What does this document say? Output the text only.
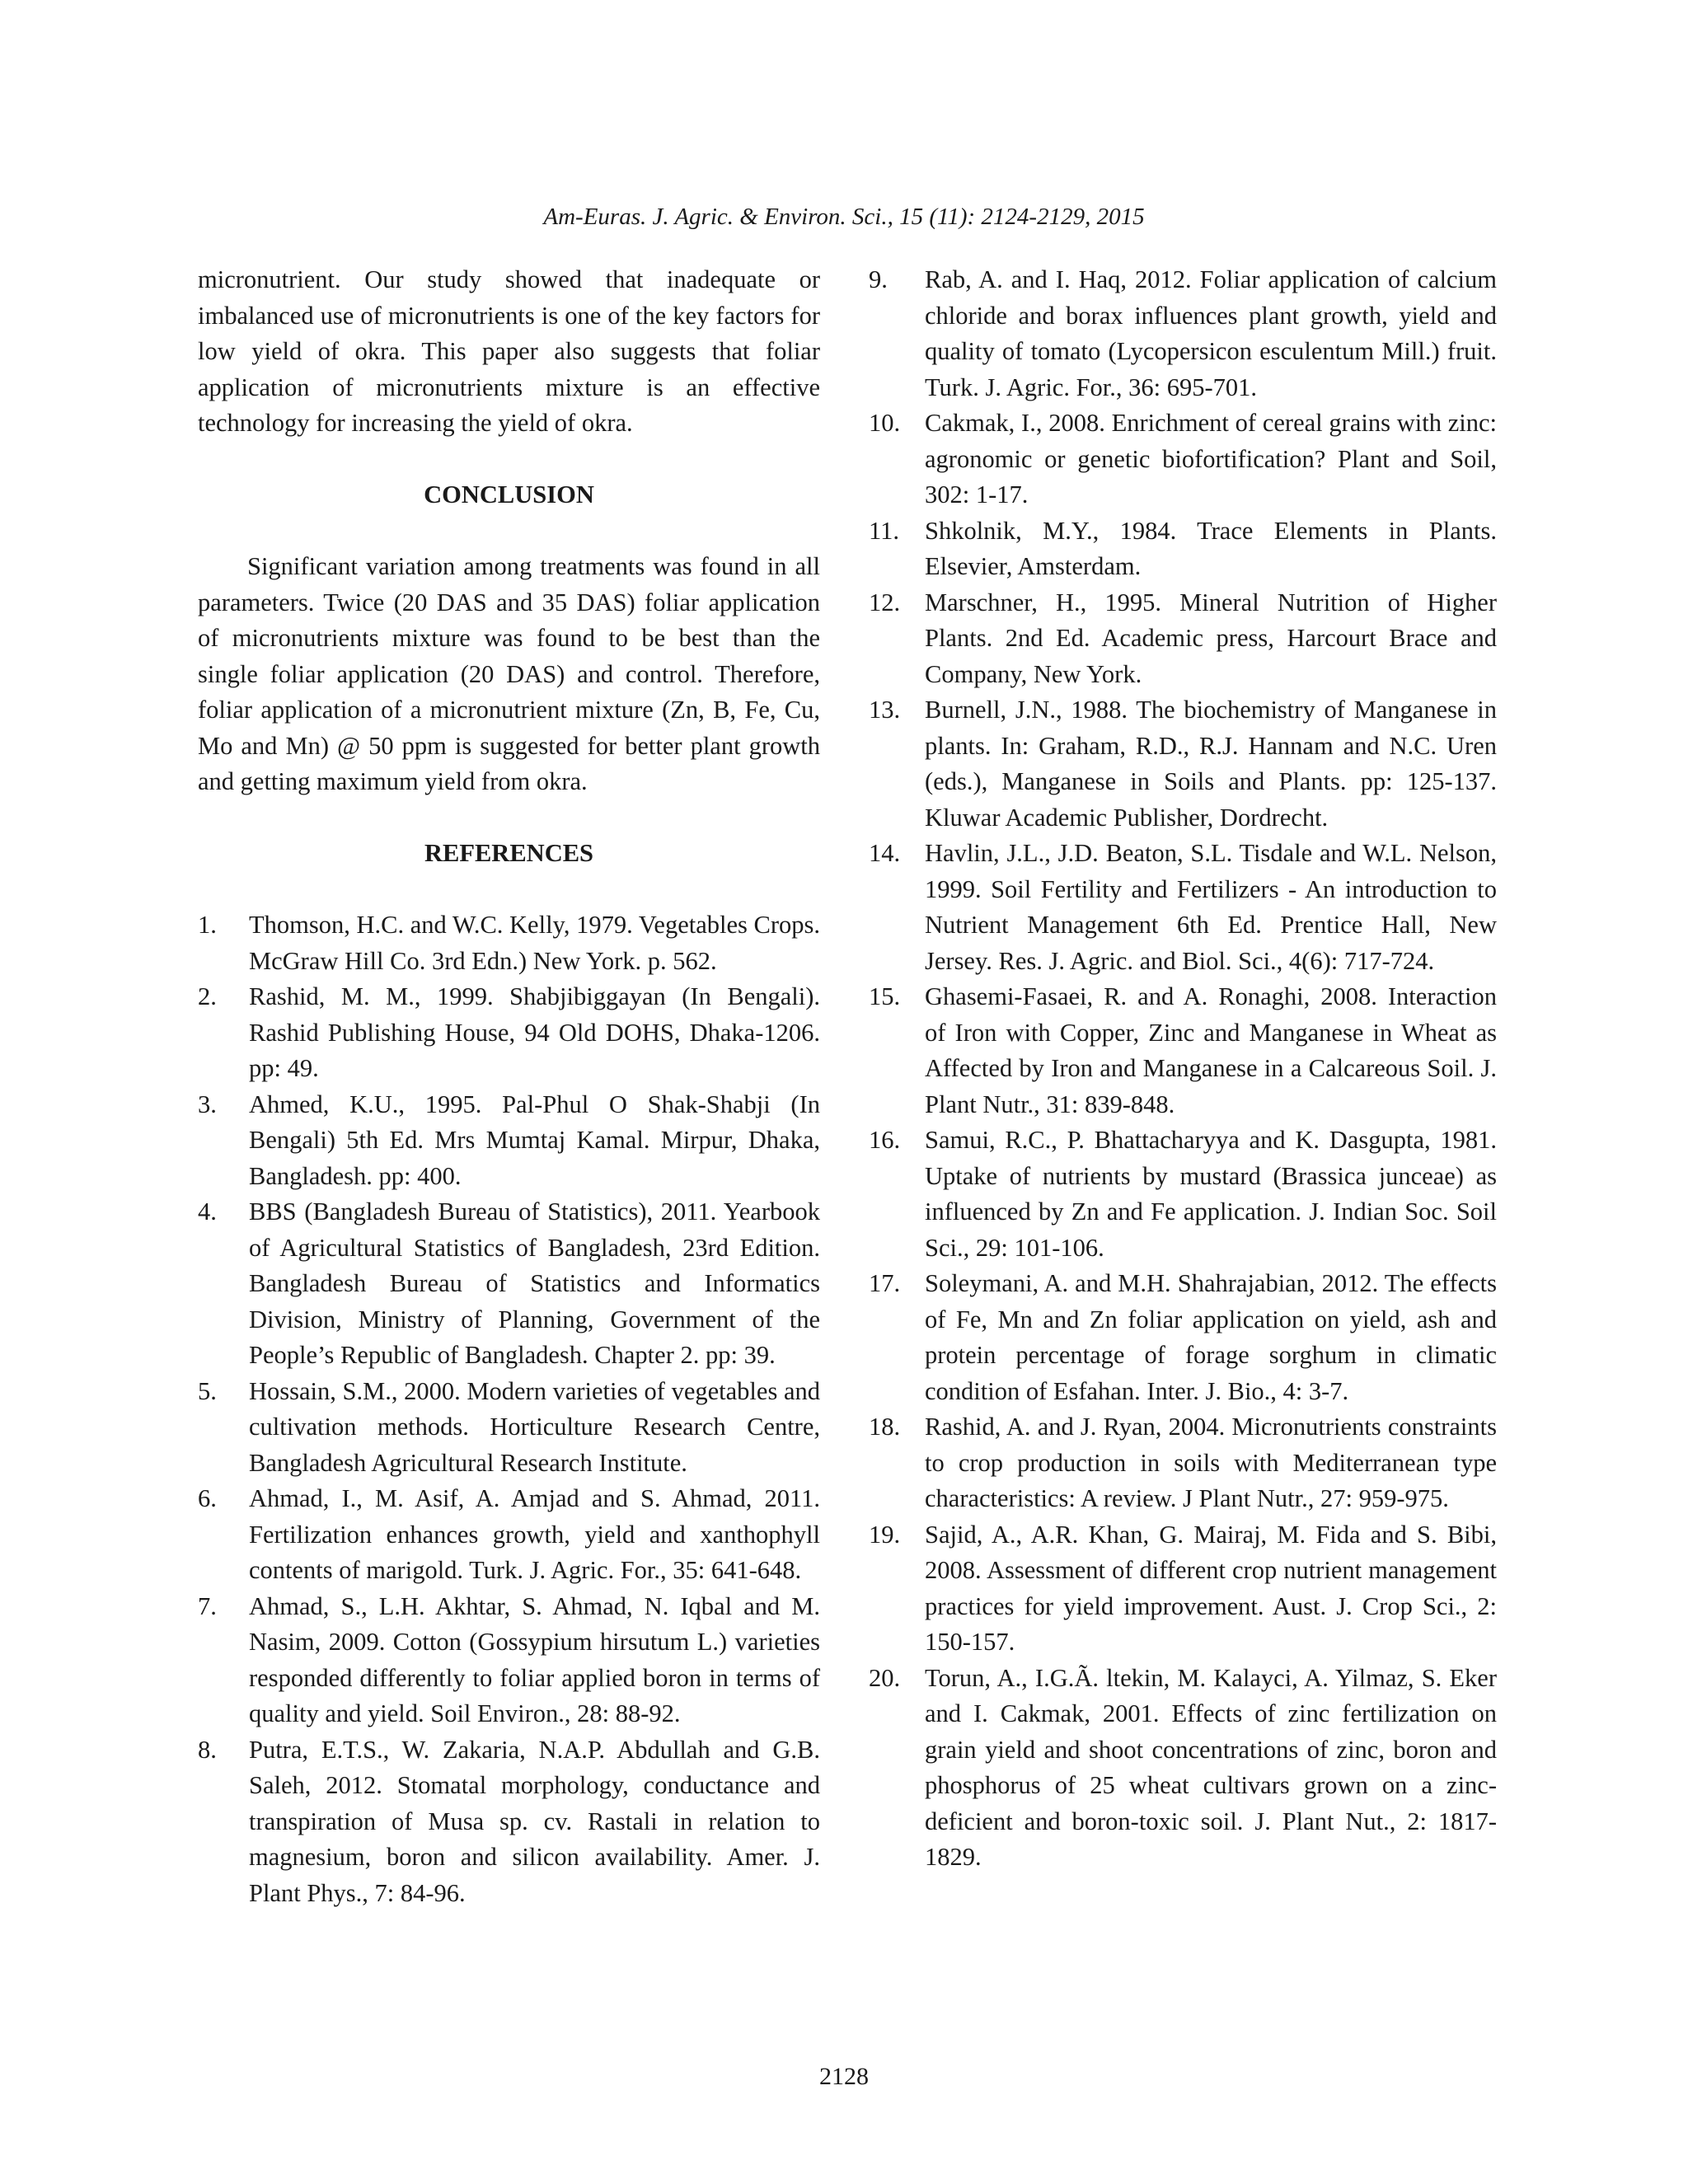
Am-Euras. J. Agric. & Environ. Sci., 15 (11): 2124-2129, 2015

micronutrient. Our study showed that inadequate or imbalanced use of micronutrients is one of the key factors for low yield of okra. This paper also suggests that foliar application of micronutrients mixture is an effective technology for increasing the yield of okra.

CONCLUSION

Significant variation among treatments was found in all parameters. Twice (20 DAS and 35 DAS) foliar application of micronutrients mixture was found to be best than the single foliar application (20 DAS) and control. Therefore, foliar application of a micronutrient mixture (Zn, B, Fe, Cu, Mo and Mn) @ 50 ppm is suggested for better plant growth and getting maximum yield from okra.

REFERENCES
1.	Thomson, H.C. and W.C. Kelly, 1979. Vegetables Crops. McGraw Hill Co. 3rd Edn.) New York. p. 562.
2.	Rashid, M. M., 1999. Shabjibiggayan (In Bengali). Rashid Publishing House, 94 Old DOHS, Dhaka-1206. pp: 49.
3.	Ahmed, K.U., 1995. Pal-Phul O Shak-Shabji (In Bengali) 5th Ed. Mrs Mumtaj Kamal. Mirpur, Dhaka, Bangladesh. pp: 400.
4.	BBS (Bangladesh Bureau of Statistics), 2011. Yearbook of Agricultural Statistics of Bangladesh, 23rd Edition. Bangladesh Bureau of Statistics and Informatics Division, Ministry of Planning, Government of the People’s Republic of Bangladesh. Chapter 2. pp: 39.
5.	Hossain, S.M., 2000. Modern varieties of vegetables and cultivation methods. Horticulture Research Centre, Bangladesh Agricultural Research Institute.
6.	Ahmad, I., M. Asif, A. Amjad and S. Ahmad, 2011. Fertilization enhances growth, yield and xanthophyll contents of marigold. Turk. J. Agric. For., 35: 641-648.
7.	Ahmad, S., L.H. Akhtar, S. Ahmad, N. Iqbal and M. Nasim, 2009. Cotton (Gossypium hirsutum L.) varieties responded differently to foliar applied boron in terms of quality and yield. Soil Environ., 28: 88-92.
8.	Putra, E.T.S., W. Zakaria, N.A.P. Abdullah and G.B. Saleh, 2012. Stomatal morphology, conductance and transpiration of Musa sp. cv. Rastali in relation to magnesium, boron and silicon availability. Amer. J. Plant Phys., 7: 84-96.
9.	Rab, A. and I. Haq, 2012. Foliar application of calcium chloride and borax influences plant growth, yield and quality of tomato (Lycopersicon esculentum Mill.) fruit. Turk. J. Agric. For., 36: 695-701.
10. Cakmak, I., 2008. Enrichment of cereal grains with zinc: agronomic or genetic biofortification? Plant and Soil, 302: 1-17.
11.	Shkolnik, M.Y., 1984. Trace Elements in Plants. Elsevier, Amsterdam.
12. Marschner, H., 1995. Mineral Nutrition of Higher Plants. 2nd Ed. Academic press, Harcourt Brace and Company, New York.
13. Burnell, J.N., 1988. The biochemistry of Manganese in plants. In: Graham, R.D., R.J. Hannam and N.C. Uren (eds.), Manganese in Soils and Plants. pp: 125-137. Kluwar Academic Publisher, Dordrecht.
14. Havlin, J.L., J.D. Beaton, S.L. Tisdale and W.L. Nelson, 1999. Soil Fertility and Fertilizers - An introduction to Nutrient Management 6th Ed. Prentice Hall, New Jersey. Res. J. Agric. and Biol. Sci., 4(6): 717-724.
15. Ghasemi-Fasaei, R. and A. Ronaghi, 2008. Interaction of Iron with Copper, Zinc and Manganese in Wheat as Affected by Iron and Manganese in a Calcareous Soil. J. Plant Nutr., 31: 839-848.
16. Samui, R.C., P. Bhattacharyya and K. Dasgupta, 1981. Uptake of nutrients by mustard (Brassica junceae) as influenced by Zn and Fe application. J. Indian Soc. Soil Sci., 29: 101-106.
17. Soleymani, A. and M.H. Shahrajabian, 2012. The effects of Fe, Mn and Zn foliar application on yield, ash and protein percentage of forage sorghum in climatic condition of Esfahan. Inter. J. Bio., 4: 3-7.
18. Rashid, A. and J. Ryan, 2004. Micronutrients constraints to crop production in soils with Mediterranean type characteristics: A review. J Plant Nutr., 27: 959-975.
19. Sajid, A., A.R. Khan, G. Mairaj, M. Fida and S. Bibi, 2008. Assessment of different crop nutrient management practices for yield improvement. Aust. J. Crop Sci., 2: 150-157.
20. Torun, A., I.G.Ã. ltekin, M. Kalayci, A. Yilmaz, S. Eker and I. Cakmak, 2001. Effects of zinc fertilization on grain yield and shoot concentrations of zinc, boron and phosphorus of 25 wheat cultivars grown on a zinc-deficient and boron-toxic soil. J. Plant Nut., 2: 1817-1829.
2128
